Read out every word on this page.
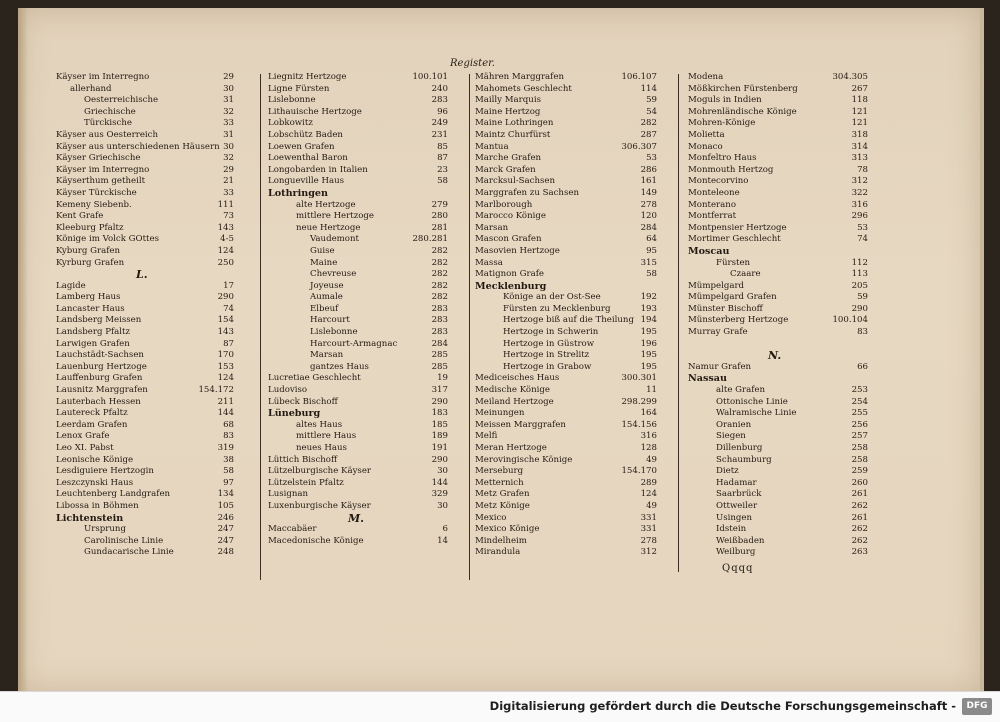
Register.
Käyser im Interregno	29
allerhand	30
Oesterreichische	31
Griechische	32
Türckische	33
Käyser aus Oesterreich	31
Käyser aus unterschiedenen Häusern 30
Käyser Griechische	32
Käyser im Interregno	29
Käyserthum getheilt	21
Käyser Türckische	33
Kemeny Siebenb.	111
Kent Grafe	73
Kleeburg Pfaltz	143
Könige im Volck GOttes	4-5
Kyburg Grafen	124
Kyrburg Grafen	250
L.
Lagide	17
Lamberg Haus	290
Lancaster Haus	74
Landsberg Meissen	154
Landsberg Pfaltz	143
Larwigen Grafen	87
Lauchstädt-Sachsen	170
Lauenburg Hertzoge	153
Lauffenburg Grafen	124
Lausnitz Marggrafen	154.172
Lauterbach Hessen	211
Lautereck Pfaltz	144
Leerdam Grafen	68
Lenox Grafe	83
Leo XI. Pabst	319
Leonische Könige	38
Lesdiguiere Hertzogin	58
Leszczynski Haus	97
Leuchtenberg Landgrafen	134
Libossa in Böhmen	105
Lichtenstein	246
Ursprung	247
Carolinische Linie	247
Gundacarische Linie	248
Liegnitz Hertzoge	100.101
Ligne Fürsten	240
Lislebonne	283
Lithauische Hertzoge	96
Lobkowitz	249
Lobschütz Baden	231
Loewen Grafen	85
Loewenthal Baron	87
Longobarden in Italien	23
Longueville Haus	58
Lothringen
alte Hertzoge	279
mittlere Hertzoge	280
neue Hertzoge	281
Vaudemont	280.281
Guise	282
Maine	282
Chevreuse	282
Joyeuse	282
Aumale	282
Elbeuf	283
Harcourt	283
Lislebonne	283
Harcourt-Armagnac	284
Marsan	285
gantzes Haus	285
Lucretiae Geschlecht	19
Ludoviso	317
Lübeck Bischoff	290
Lüneburg	183
altes Haus	185
mittlere Haus	189
neues Haus	191
Lüttich Bischoff	290
Lützelburgische Käyser	30
Lützelstein Pfaltz	144
Lusignan	329
Luxenburgische Käyser	30
M.
Maccabäer	6
Macedonische Könige	14
Mähren Marggrafen	106.107
Mahomets Geschlecht	114
Mailly Marquis	59
Maine Hertzog	54
Maine Lothringen	282
Maintz Churfürst	287
Mantua	306.307
Marche Grafen	53
Marck Grafen	286
Marcksul-Sachsen	161
Marggrafen zu Sachsen	149
Marlborough	278
Marocco Könige	120
Marsan	284
Mascon Grafen	64
Masovien Hertzoge	95
Massa	315
Matignon Grafe	58
Mecklenburg
Könige an der Ost-See	192
Fürsten zu Mecklenburg	193
Hertzoge biß auf die Theilung 194
Hertzoge in Schwerin	195
Hertzoge in Güstrow	196
Hertzoge in Strelitz	195
Hertzoge in Grabow	195
Mediceisches Haus	300.301
Medische Könige	11
Meiland Hertzoge	298.299
Meinungen	164
Meissen Marggrafen	154.156
Melfi	316
Meran Hertzoge	128
Merovingische Könige	49
Merseburg	154.170
Metternich	289
Metz Grafen	124
Metz Könige	49
Mexico	331
Mexico Könige	331
Mindelheim	278
Mirandula	312
Modena	304.305
Mößkirchen Fürstenberg	267
Moguls in Indien	118
Mohrenländische Könige	121
Mohren-Könige	121
Molietta	318
Monaco	314
Monfeltro Haus	313
Monmouth Hertzog	78
Montecorvino	312
Monteleone	322
Monterano	316
Montferrat	296
Montpensier Hertzoge	53
Mortimer Geschlecht	74
Moscau
Fürsten	112
Czaare	113
Mümpelgard	205
Mümpelgard Grafen	59
Münster Bischoff	290
Münsterberg Hertzoge	100.104
Murray Grafe	83
N.
Namur Grafen	66
Nassau
alte Grafen	253
Ottonische Linie	254
Walramische Linie	255
Oranien	256
Siegen	257
Dillenburg	258
Schaumburg	258
Dietz	259
Hadamar	260
Saarbrück	261
Ottweiler	262
Usingen	261
Idstein	262
Weißbaden	262
Weilburg	263
Qqqq
Digitalisierung gefördert durch die Deutsche Forschungsgemeinschaft -	DFG
